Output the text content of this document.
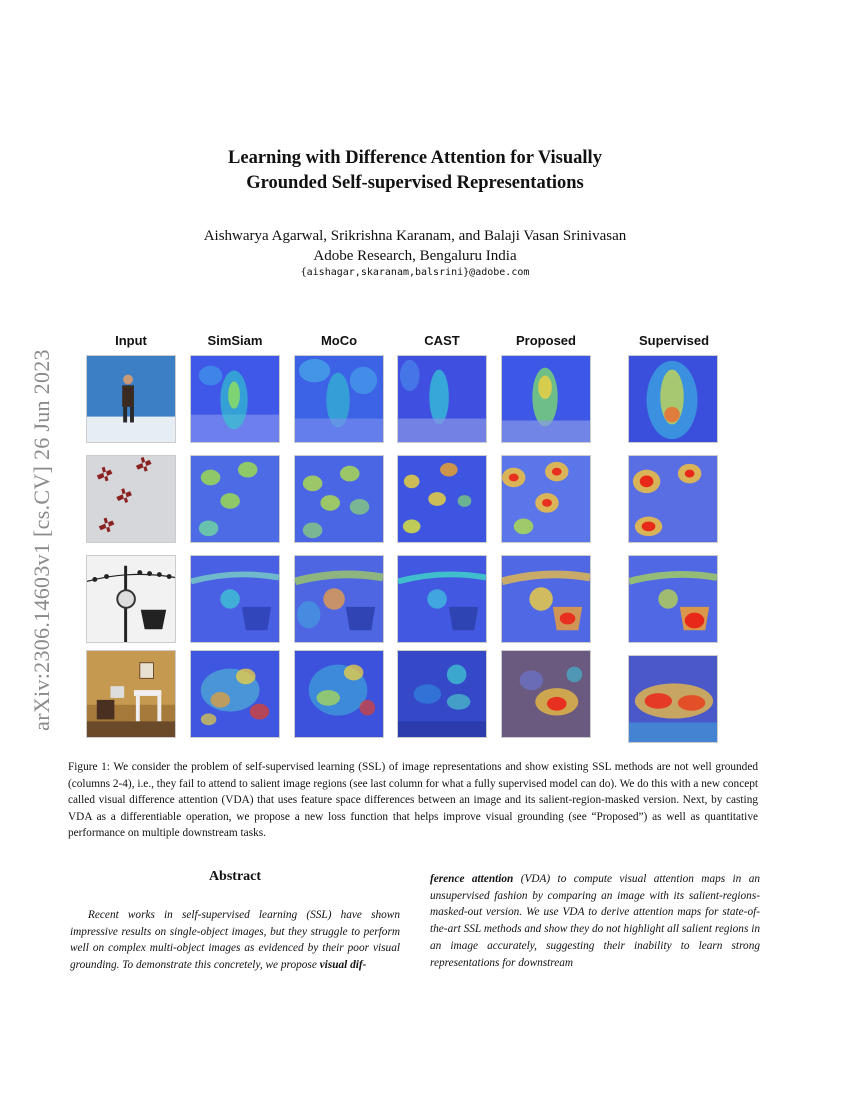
arXiv:2306.14603v1 [cs.CV] 26 Jun 2023
Learning with Difference Attention for Visually
Grounded Self-supervised Representations
Aishwarya Agarwal, Srikrishna Karanam, and Balaji Vasan Srinivasan
Adobe Research, Bengaluru India
{aishagar,skaranam,balsrini}@adobe.com
Input	SimSiam	MoCo	CAST	Proposed	Supervised
Figure 1: We consider the problem of self-supervised learning (SSL) of image representations and show existing SSL methods are not well grounded (columns 2-4), i.e., they fail to attend to salient image regions (see last column for what a fully supervised model can do). We do this with a new concept called visual difference attention (VDA) that uses feature space differences between an image and its salient-region-masked version. Next, by casting VDA as a differentiable operation, we propose a new loss function that helps improve visual grounding (see “Proposed”) as well as quantitative performance on multiple downstream tasks.
Abstract
Recent works in self-supervised learning (SSL) have shown impressive results on single-object images, but they struggle to perform well on complex multi-object images as evidenced by their poor visual grounding. To demonstrate this concretely, we propose visual dif-
ference attention (VDA) to compute visual attention maps in an unsupervised fashion by comparing an image with its salient-regions-masked-out version. We use VDA to derive attention maps for state-of-the-art SSL methods and show they do not highlight all salient regions in an image accurately, suggesting their inability to learn strong representations for downstream
